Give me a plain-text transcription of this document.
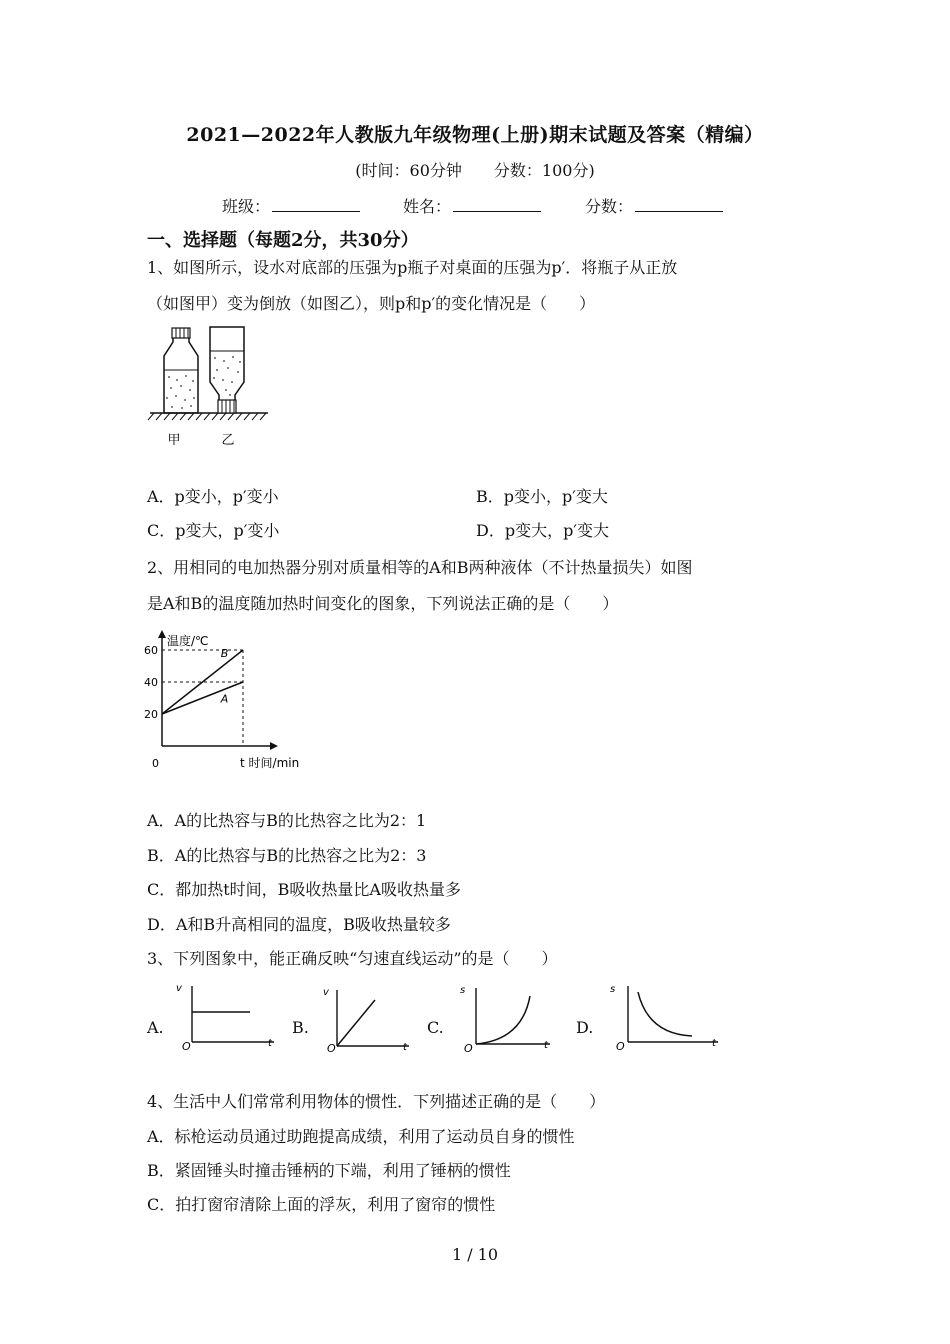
2021—2022年人教版九年级物理(上册)期末试题及答案（精编）
(时间：60分钟　　分数：100分)
班级：	姓名：	分数：
一、选择题（每题2分，共30分）
1、如图所示，设水对底部的压强为p瓶子对桌面的压强为p′．将瓶子从正放
（如图甲）变为倒放（如图乙），则p和p′的变化情况是（　　）
甲	乙
A．p变小，p′变小	B．p变小，p′变大
C．p变大，p′变小	D．p变大，p′变大
2、用相同的电加热器分别对质量相等的A和B两种液体（不计热量损失）如图
是A和B的温度随加热时间变化的图象，下列说法正确的是（　　）
温度/℃
t 时间/min
0
20
40
60
A
B
A．A的比热容与B的比热容之比为2：1
B．A的比热容与B的比热容之比为2：3
C．都加热t时间，B吸收热量比A吸收热量多
D．A和B升高相同的温度，B吸收热量较多
3、下列图象中，能正确反映“匀速直线运动”的是（　　）
A.
v
t
O
B.
v
t
O
C.
s
t
O
D.
s
t
O
4、生活中人们常常利用物体的惯性．下列描述正确的是（　　）
A．标枪运动员通过助跑提高成绩，利用了运动员自身的惯性
B．紧固锤头时撞击锤柄的下端，利用了锤柄的惯性
C．拍打窗帘清除上面的浮灰，利用了窗帘的惯性
1 / 10
